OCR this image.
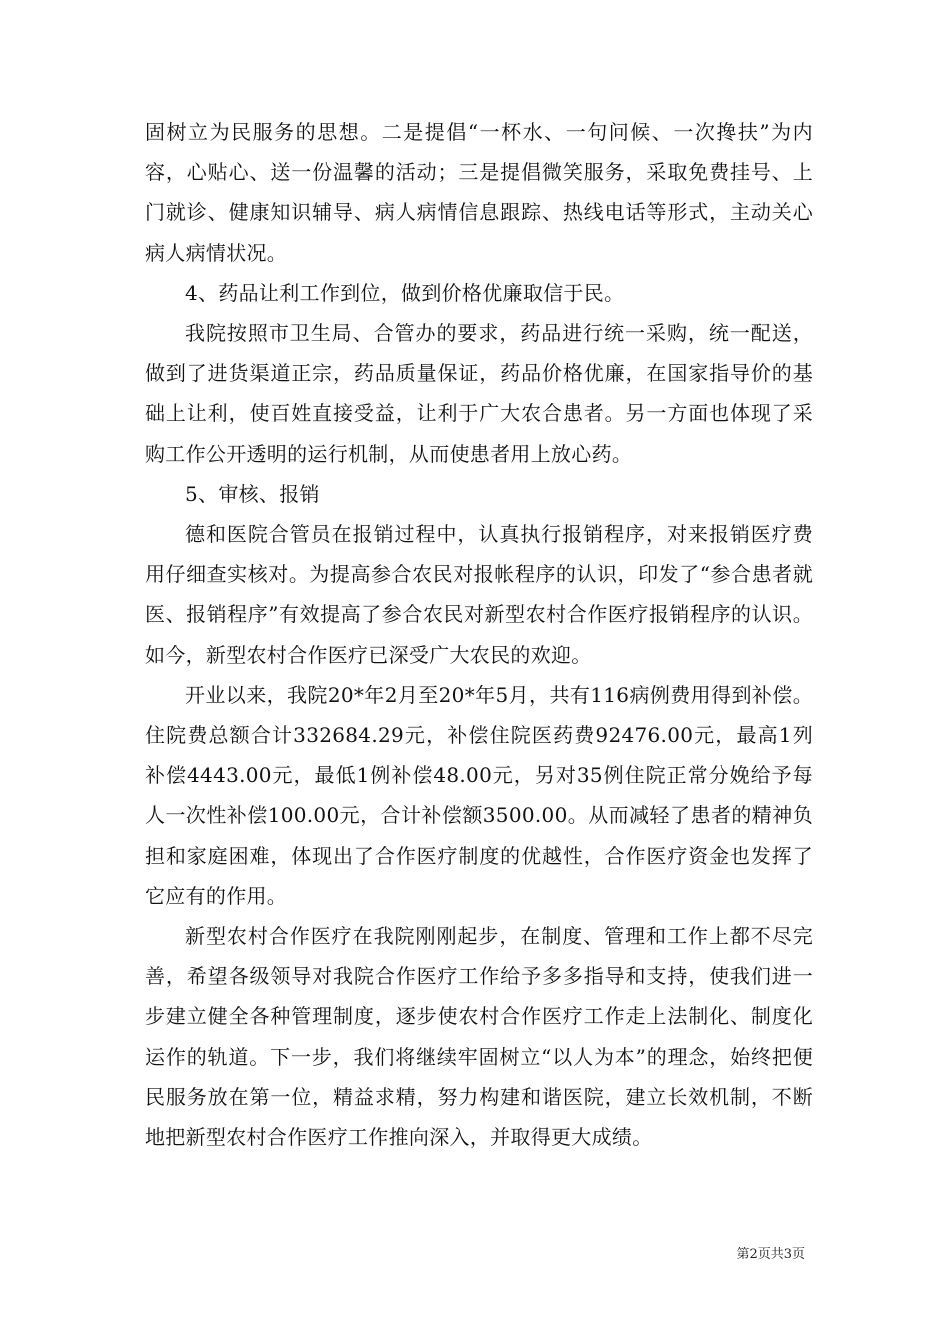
固树立为民服务的思想。二是提倡“一杯水、一句问候、一次搀扶”为内容，心贴心、送一份温馨的活动；三是提倡微笑服务，采取免费挂号、上门就诊、健康知识辅导、病人病情信息跟踪、热线电话等形式，主动关心病人病情状况。

4、药品让利工作到位，做到价格优廉取信于民。

我院按照市卫生局、合管办的要求，药品进行统一采购，统一配送，做到了进货渠道正宗，药品质量保证，药品价格优廉，在国家指导价的基础上让利，使百姓直接受益，让利于广大农合患者。另一方面也体现了采购工作公开透明的运行机制，从而使患者用上放心药。

5、审核、报销

德和医院合管员在报销过程中，认真执行报销程序，对来报销医疗费用仔细查实核对。为提高参合农民对报帐程序的认识，印发了“参合患者就医、报销程序”有效提高了参合农民对新型农村合作医疗报销程序的认识。如今，新型农村合作医疗已深受广大农民的欢迎。

开业以来，我院20*年2月至20*年5月，共有116病例费用得到补偿。住院费总额合计332684.29元，补偿住院医药费92476.00元，最高1列补偿4443.00元，最低1例补偿48.00元，另对35例住院正常分娩给予每人一次性补偿100.00元，合计补偿额3500.00。从而减轻了患者的精神负担和家庭困难，体现出了合作医疗制度的优越性，合作医疗资金也发挥了它应有的作用。

新型农村合作医疗在我院刚刚起步，在制度、管理和工作上都不尽完善，希望各级领导对我院合作医疗工作给予多多指导和支持，使我们进一步建立健全各种管理制度，逐步使农村合作医疗工作走上法制化、制度化运作的轨道。下一步，我们将继续牢固树立“以人为本”的理念，始终把便民服务放在第一位，精益求精，努力构建和谐医院，建立长效机制，不断地把新型农村合作医疗工作推向深入，并取得更大成绩。

第2页共3页
